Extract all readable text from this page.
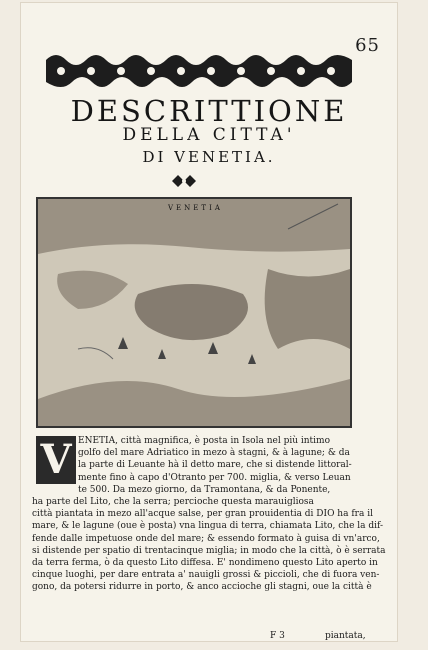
65
DESCRITTIONE
DELLA CITTA'
DI VENETIA.
VENETIA
V ENETIA, città magnifica, è posta in Isola nel più intimo
golfo del mare Adriatico in mezo à stagni, & à lagune; & da
la parte di Leuante hà il detto mare, che si distende littoral-
mente fino à capo d'Otranto per 700. miglia, & verso Leuan
te 500. Da mezo giorno, da Tramontana, & da Ponente,
ha parte del Lito, che la serra; percioche questa marauigliosa
città piantata in mezo all'acque salse, per gran prouidentia di DIO ha fra il
mare, & le lagune (oue è posta) vna lingua di terra, chiamata Lito, che la dif-
fende dalle impetuose onde del mare; & essendo formato à guisa di vn'arco,
si distende per spatio di trentacinque miglia; in modo che la città, ò è serrata
da terra ferma, ò da questo Lito diffesa. E' nondimeno questo Lito aperto in
cinque luoghi, per dare entrata a' nauigli grossi & piccioli, che di fuora ven-
gono, da potersi ridurre in porto, & anco accioche gli stagni, oue la città è
F 3	piantata,
